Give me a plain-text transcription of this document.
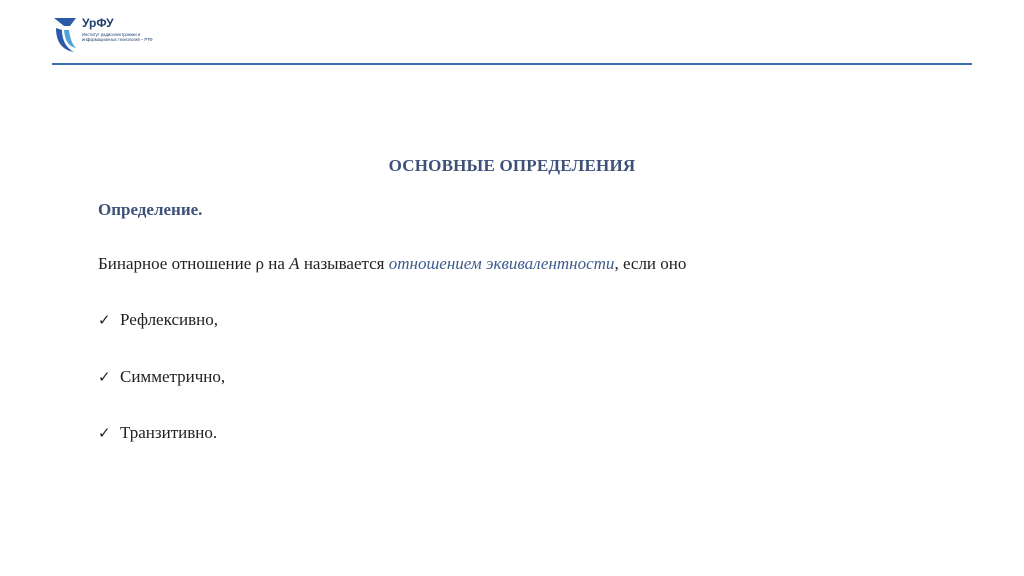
УрФУ
Институт радиоэлектроники и информационных технологий – РТФ
ОСНОВНЫЕ ОПРЕДЕЛЕНИЯ
Определение.
Бинарное отношение ρ на A называется отношением эквивалентности, если оно
✓ Рефлексивно,
✓ Симметрично,
✓ Транзитивно.
